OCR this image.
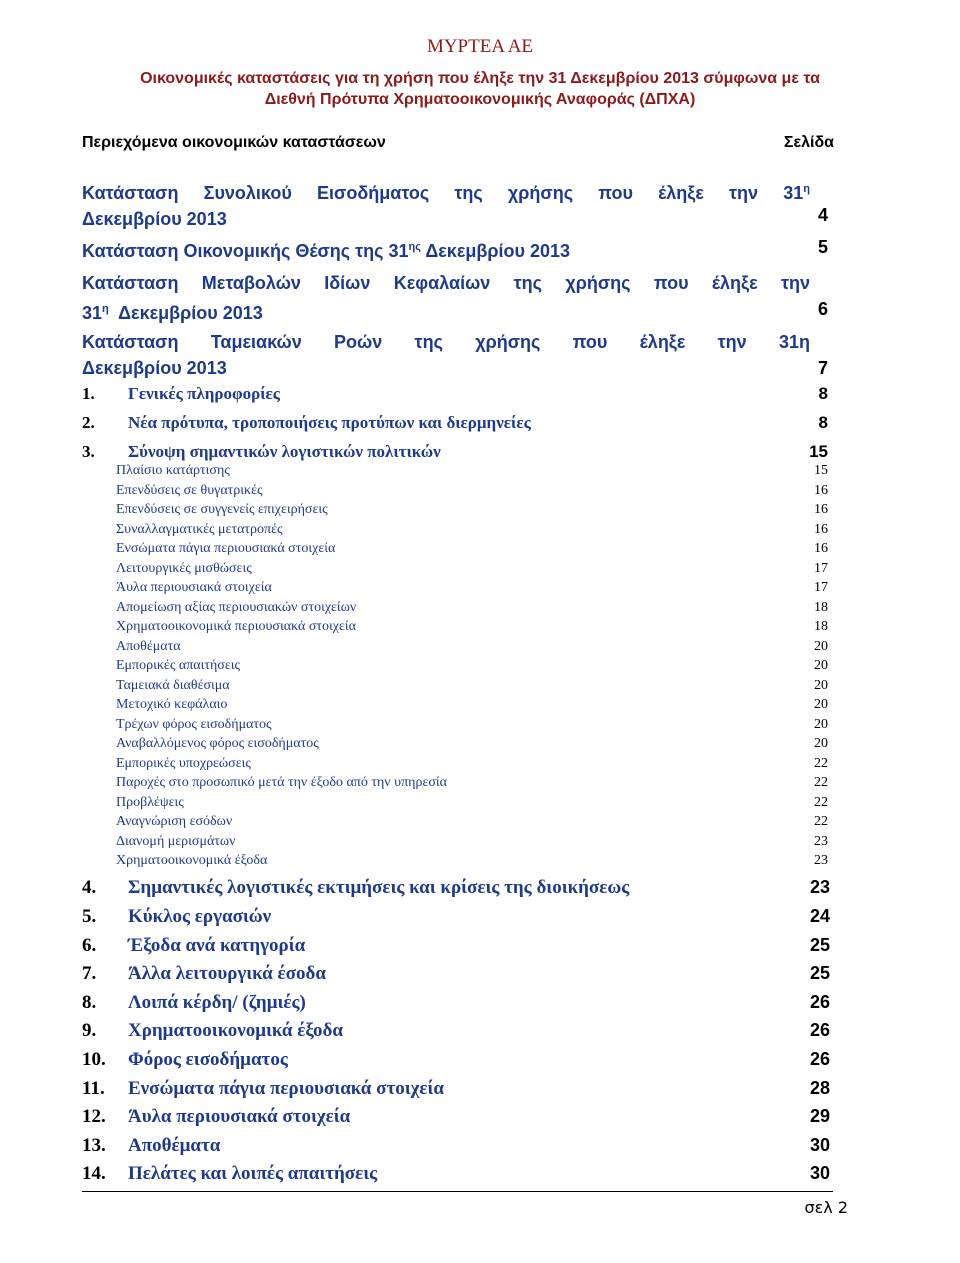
ΜΥΡΤΕΑ ΑΕ
Οικονομικές καταστάσεις για τη χρήση που έληξε την 31 Δεκεμβρίου 2013 σύμφωνα με τα
Διεθνή Πρότυπα Χρηματοοικονομικής Αναφοράς (ΔΠΧΑ)
Περιεχόμενα οικονομικών καταστάσεων	Σελίδα
Κατάσταση Συνολικού Εισοδήματος της χρήσης που έληξε την $31^\eta$
Δεκεμβρίου 2013	4
Κατάσταση Οικονομικής Θέσης της $31^{\eta\varsigma}$ Δεκεμβρίου 2013	5
Κατάσταση Μεταβολών Ιδίων Κεφαλαίων της χρήσης που έληξε την
$31^\eta$  Δεκεμβρίου 2013	6
Κατάσταση Ταμειακών Ροών της χρήσης που έληξε την 31η
Δεκεμβρίου 2013	7
1. Γενικές πληροφορίες	8
2. Νέα πρότυπα, τροποποιήσεις προτύπων και διερμηνείες	8
3. Σύνοψη σημαντικών λογιστικών πολιτικών	15
Πλαίσιο κατάρτισης	15
Επενδύσεις σε θυγατρικές	16
Επενδύσεις σε συγγενείς επιχειρήσεις	16
Συναλλαγματικές μετατροπές	16
Ενσώματα πάγια περιουσιακά στοιχεία	16
Λειτουργικές μισθώσεις	17
Άυλα περιουσιακά στοιχεία	17
Απομείωση αξίας περιουσιακών στοιχείων	18
Χρηματοοικονομικά περιουσιακά στοιχεία	18
Αποθέματα	20
Εμπορικές απαιτήσεις	20
Ταμειακά διαθέσιμα	20
Μετοχικό κεφάλαιο	20
Τρέχων φόρος εισοδήματος	20
Αναβαλλόμενος φόρος εισοδήματος	20
Εμπορικές υποχρεώσεις	22
Παροχές στο προσωπικό μετά την έξοδο από την υπηρεσία	22
Προβλέψεις	22
Αναγνώριση εσόδων	22
Διανομή μερισμάτων	23
Χρηματοοικονομικά έξοδα	23
4. Σημαντικές λογιστικές εκτιμήσεις και κρίσεις της διοικήσεως	23
5. Κύκλος εργασιών	24
6. Έξοδα ανά κατηγορία	25
7. Άλλα λειτουργικά έσοδα	25
8. Λοιπά κέρδη/ (ζημιές)	26
9. Χρηματοοικονομικά έξοδα	26
10. Φόρος εισοδήματος	26
11. Ενσώματα πάγια περιουσιακά στοιχεία	28
12. Άυλα περιουσιακά στοιχεία	29
13. Αποθέματα	30
14. Πελάτες και λοιπές απαιτήσεις	30
σελ 2
